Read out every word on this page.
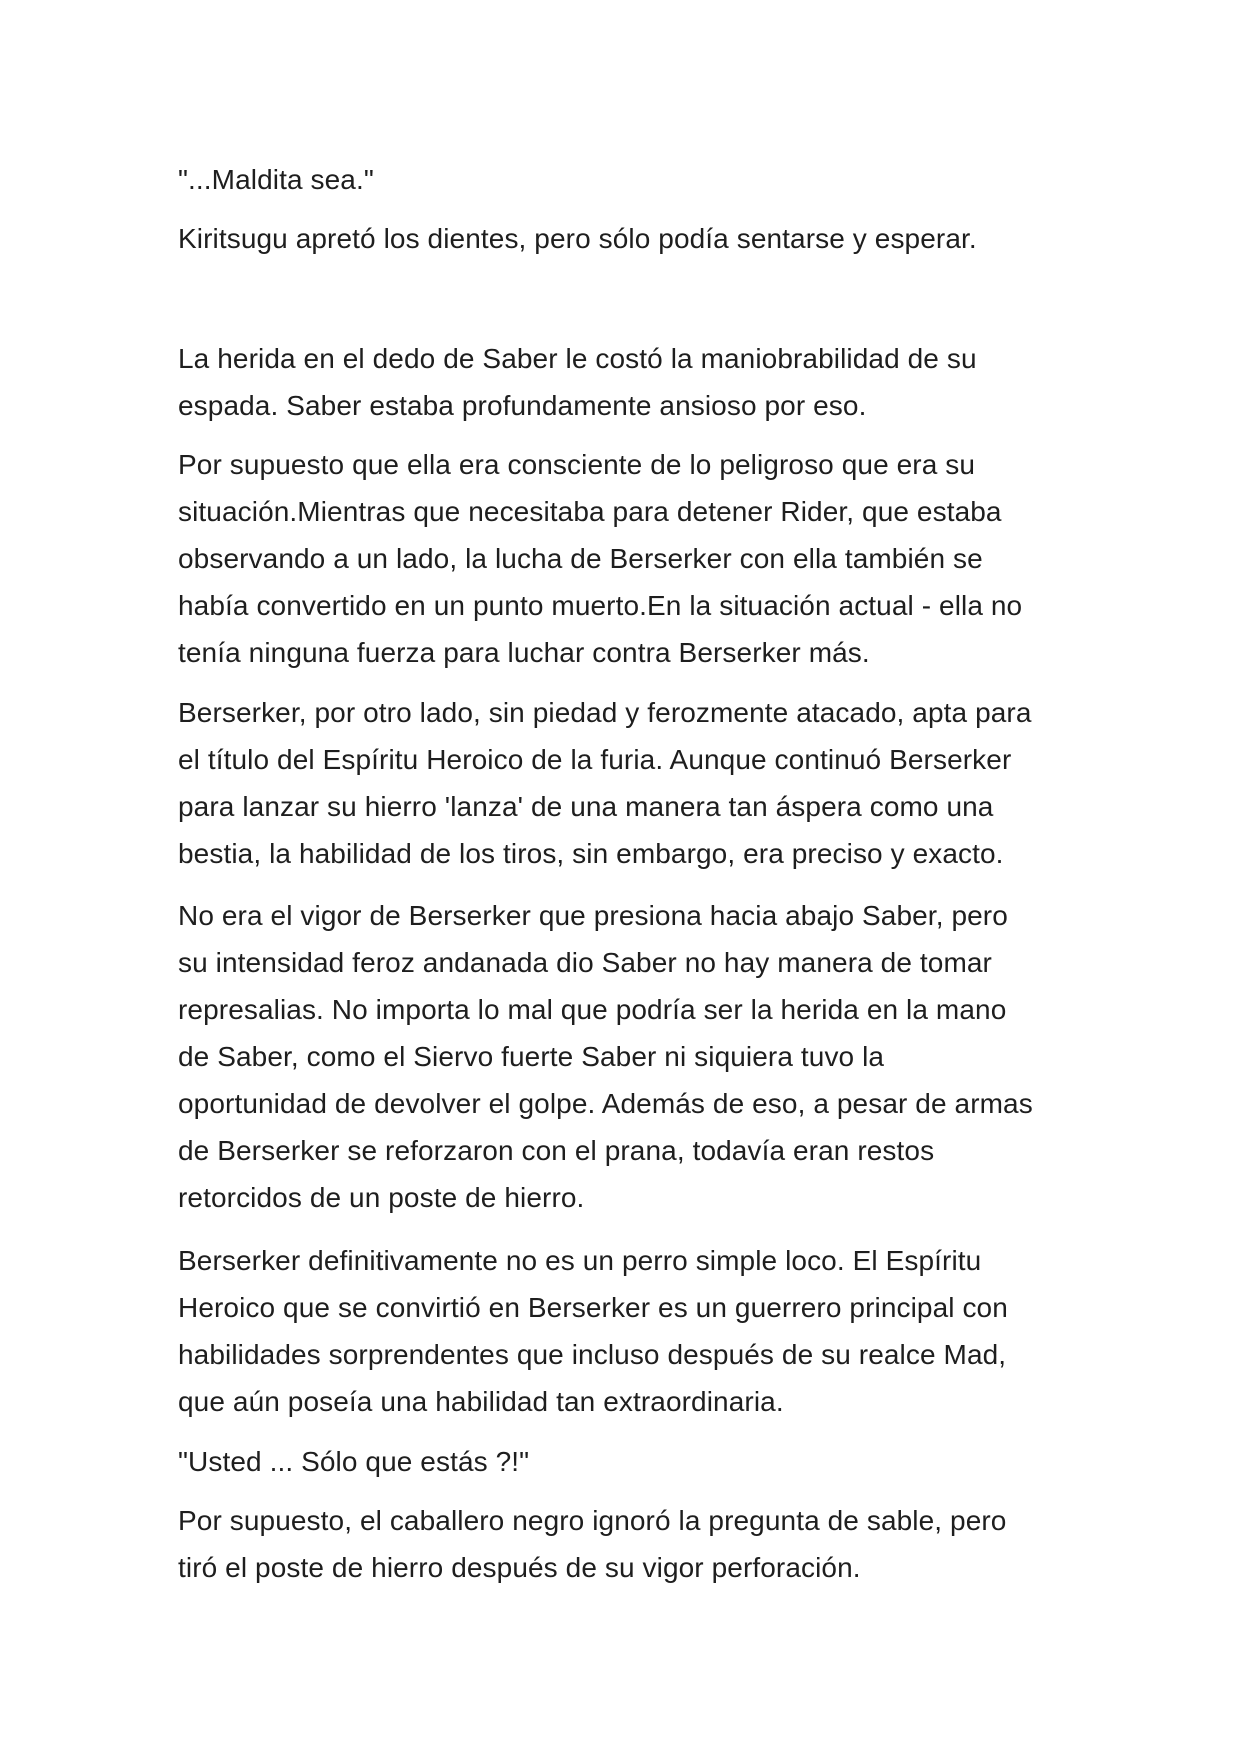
"...Maldita sea."

Kiritsugu apretó los dientes, pero sólo podía sentarse y esperar.

La herida en el dedo de Saber le costó la maniobrabilidad de su
espada. Saber estaba profundamente ansioso por eso.

Por supuesto que ella era consciente de lo peligroso que era su
situación.Mientras que necesitaba para detener Rider, que estaba
observando a un lado, la lucha de Berserker con ella también se
había convertido en un punto muerto.En la situación actual - ella no
tenía ninguna fuerza para luchar contra Berserker más.

Berserker, por otro lado, sin piedad y ferozmente atacado, apta para
el título del Espíritu Heroico de la furia. Aunque continuó Berserker
para lanzar su hierro 'lanza' de una manera tan áspera como una
bestia, la habilidad de los tiros, sin embargo, era preciso y exacto.

No era el vigor de Berserker que presiona hacia abajo Saber, pero
su intensidad feroz andanada dio Saber no hay manera de tomar
represalias. No importa lo mal que podría ser la herida en la mano
de Saber, como el Siervo fuerte Saber ni siquiera tuvo la
oportunidad de devolver el golpe. Además de eso, a pesar de armas
de Berserker se reforzaron con el prana, todavía eran restos
retorcidos de un poste de hierro.

Berserker definitivamente no es un perro simple loco. El Espíritu
Heroico que se convirtió en Berserker es un guerrero principal con
habilidades sorprendentes que incluso después de su realce Mad,
que aún poseía una habilidad tan extraordinaria.

"Usted ... Sólo que estás ?!"

Por supuesto, el caballero negro ignoró la pregunta de sable, pero
tiró el poste de hierro después de su vigor perforación.
